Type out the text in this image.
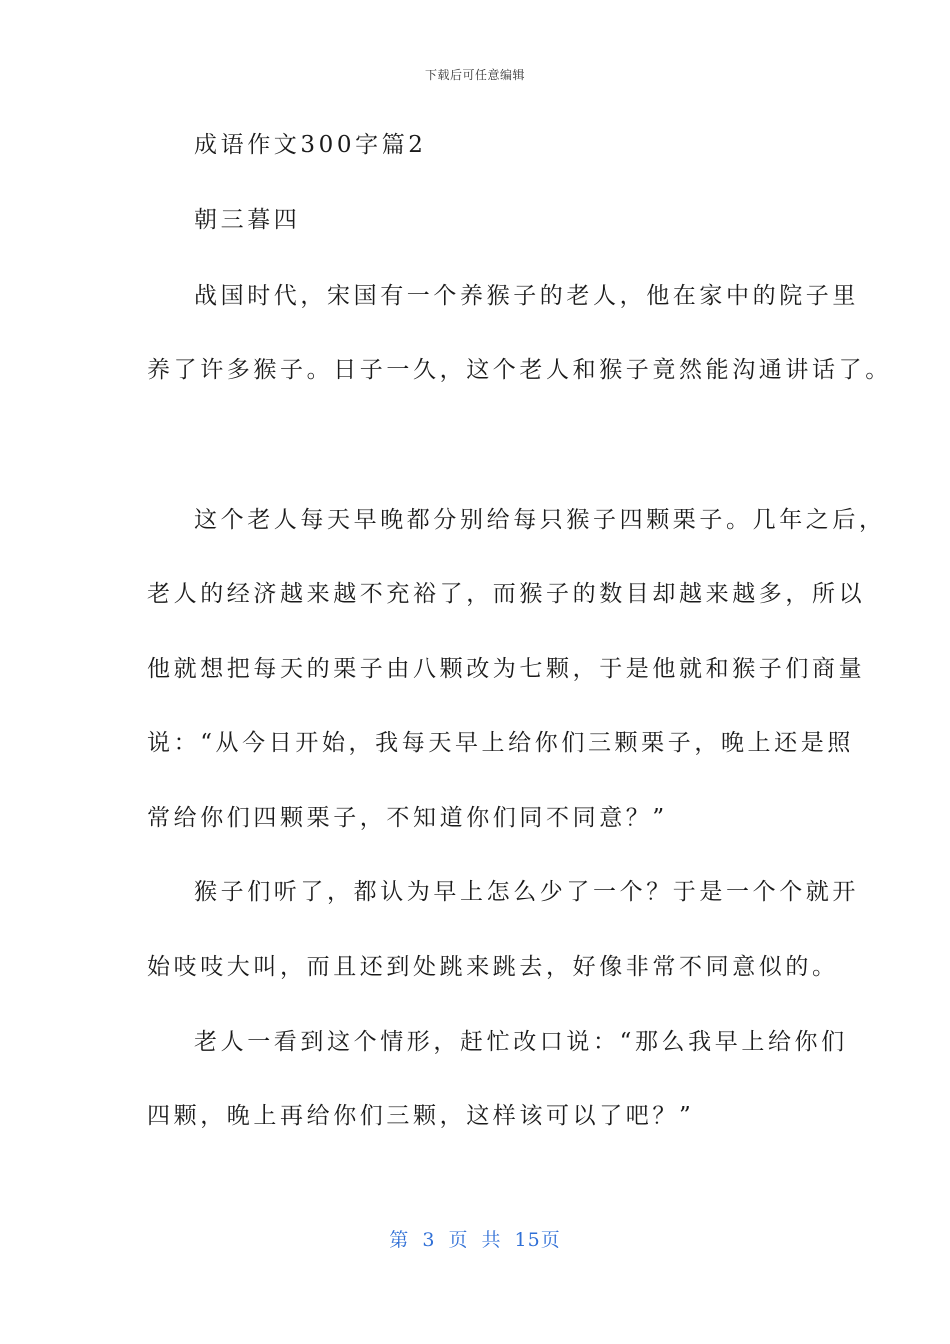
下载后可任意编辑
成语作文300字篇2
朝三暮四
战国时代，宋国有一个养猴子的老人，他在家中的院子里
养了许多猴子。日子一久，这个老人和猴子竟然能沟通讲话了。
这个老人每天早晚都分别给每只猴子四颗栗子。几年之后，
老人的经济越来越不充裕了，而猴子的数目却越来越多，所以
他就想把每天的栗子由八颗改为七颗，于是他就和猴子们商量
说：“从今日开始，我每天早上给你们三颗栗子，晚上还是照
常给你们四颗栗子，不知道你们同不同意？”
猴子们听了，都认为早上怎么少了一个？于是一个个就开
始吱吱大叫，而且还到处跳来跳去，好像非常不同意似的。
老人一看到这个情形，赶忙改口说：“那么我早上给你们
四颗，晚上再给你们三颗，这样该可以了吧？”
第 3 页 共 15页
